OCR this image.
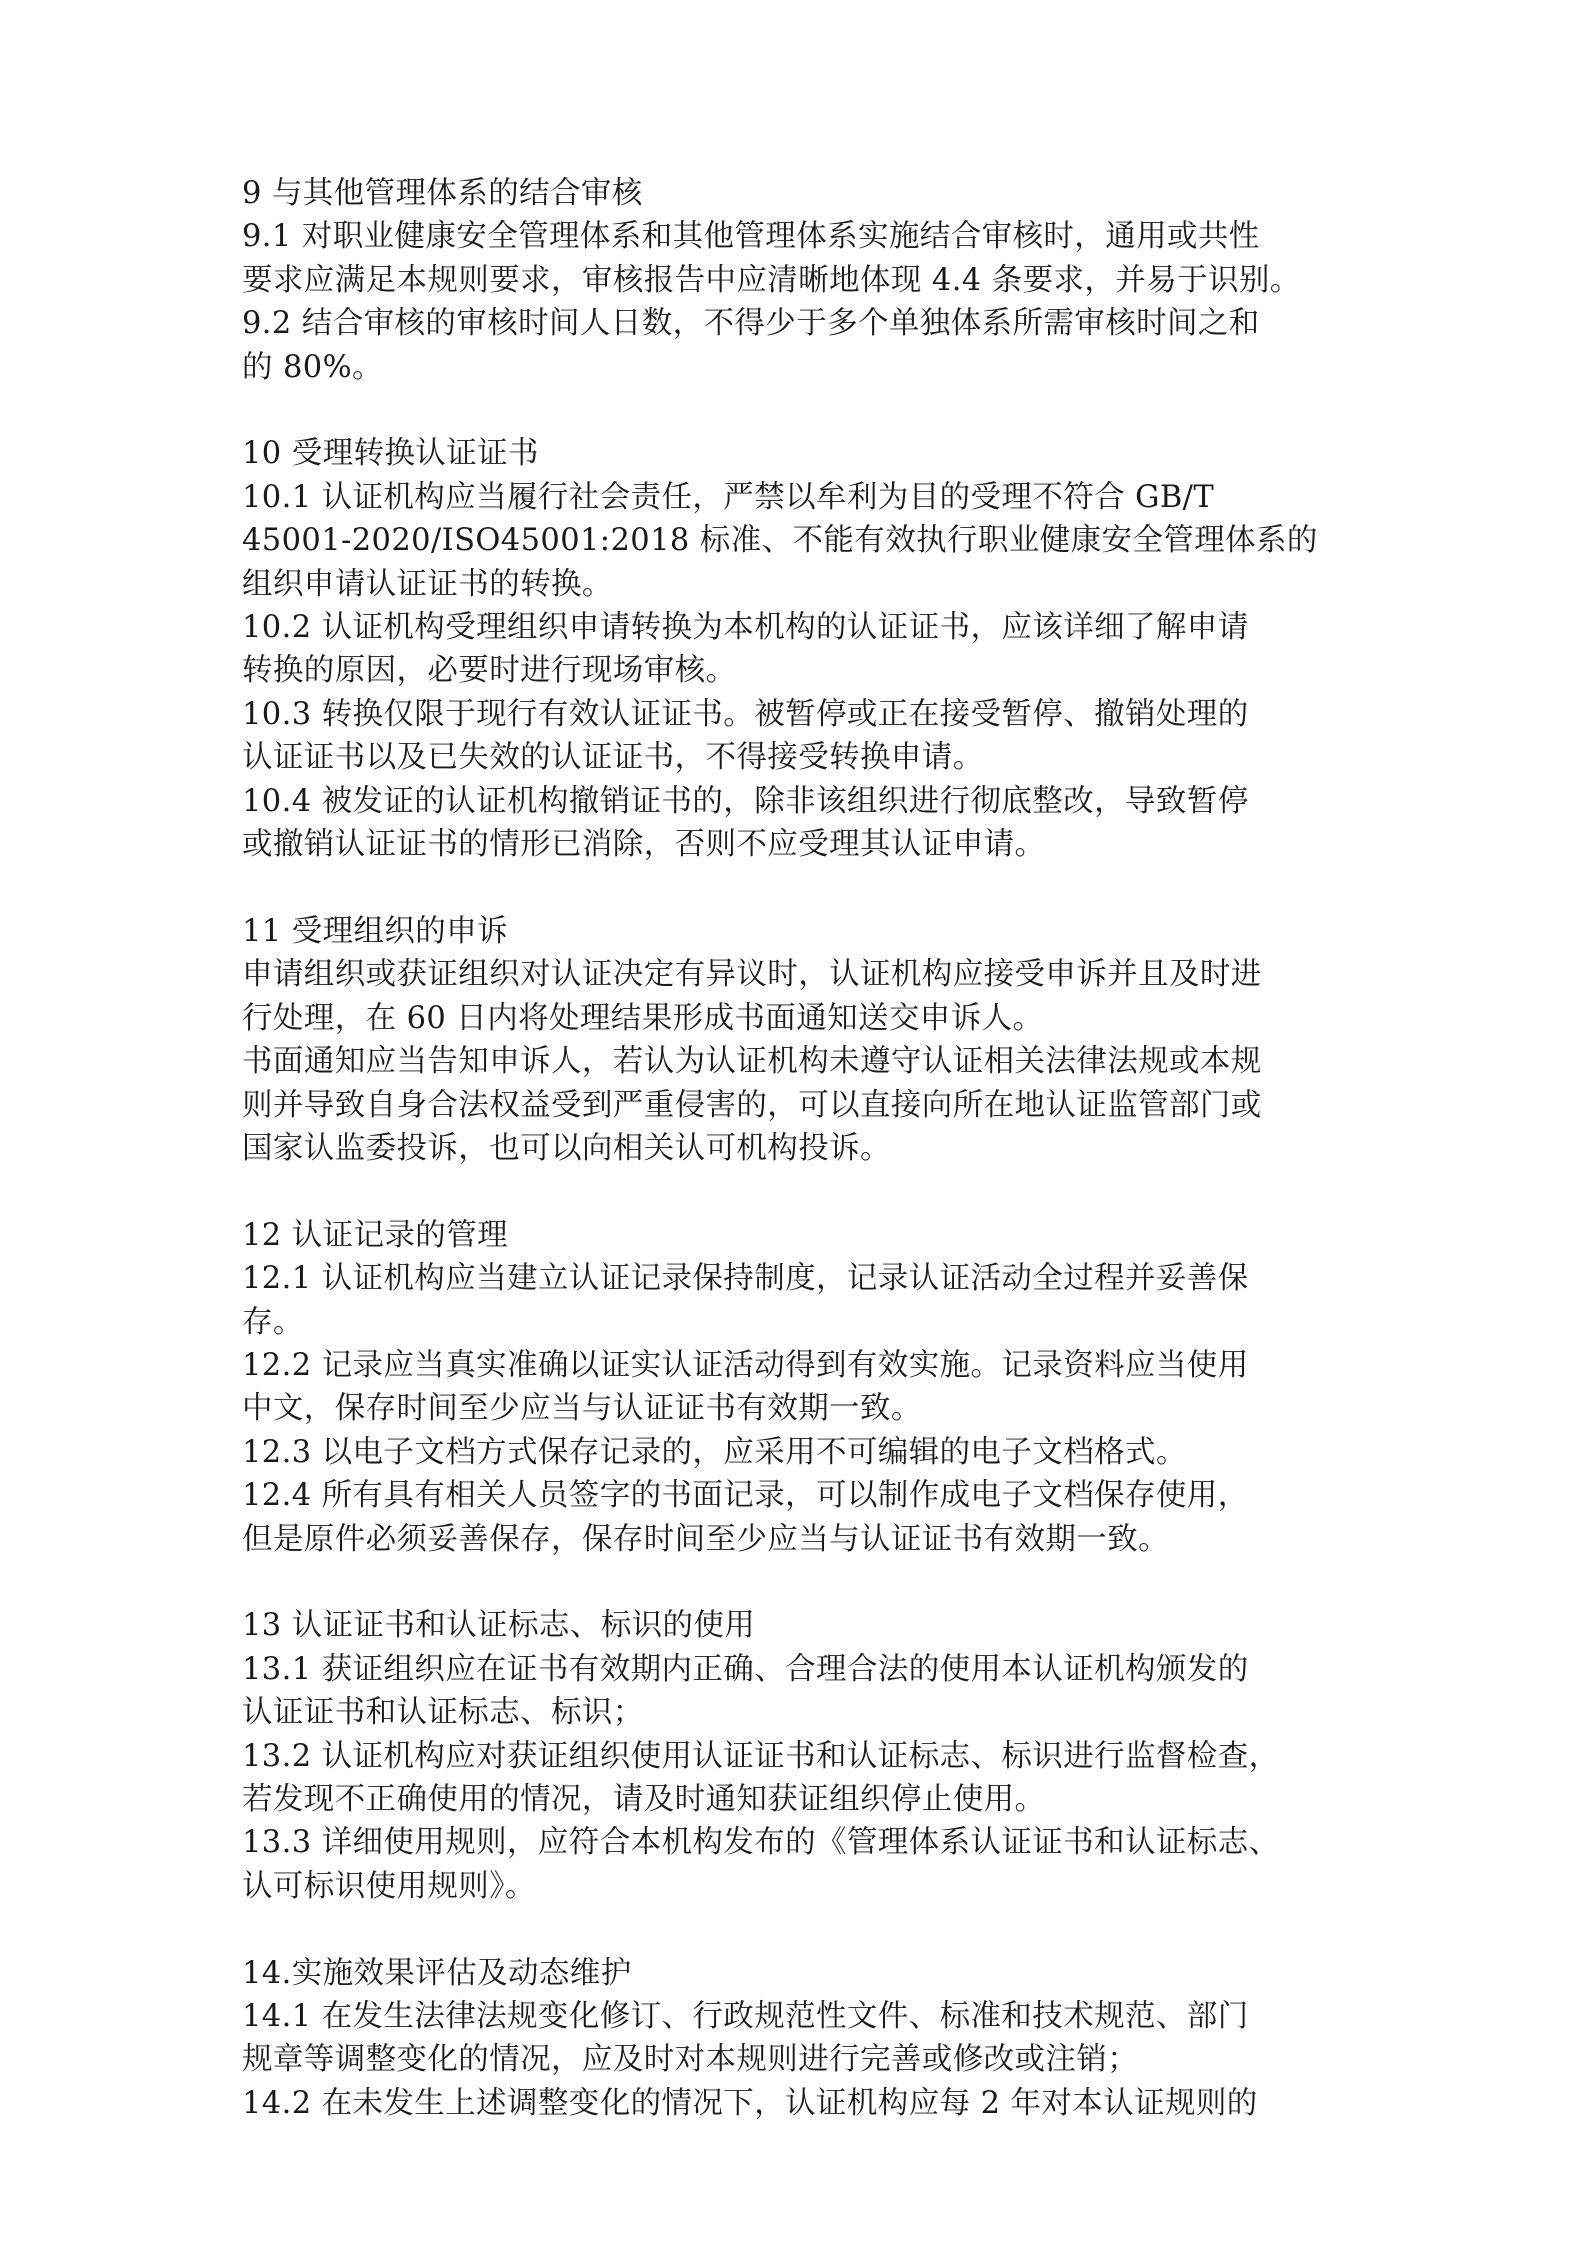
9 与其他管理体系的结合审核
9.1 对职业健康安全管理体系和其他管理体系实施结合审核时，通用或共性
要求应满足本规则要求，审核报告中应清晰地体现 4.4 条要求，并易于识别。
9.2 结合审核的审核时间人日数，不得少于多个单独体系所需审核时间之和
的 80%。
10 受理转换认证证书
10.1 认证机构应当履行社会责任，严禁以牟利为目的受理不符合 GB/T
45001-2020/ISO45001:2018 标准、不能有效执行职业健康安全管理体系的
组织申请认证证书的转换。
10.2 认证机构受理组织申请转换为本机构的认证证书，应该详细了解申请
转换的原因，必要时进行现场审核。
10.3 转换仅限于现行有效认证证书。被暂停或正在接受暂停、撤销处理的
认证证书以及已失效的认证证书，不得接受转换申请。
10.4 被发证的认证机构撤销证书的，除非该组织进行彻底整改，导致暂停
或撤销认证证书的情形已消除，否则不应受理其认证申请。
11 受理组织的申诉
申请组织或获证组织对认证决定有异议时，认证机构应接受申诉并且及时进
行处理，在 60 日内将处理结果形成书面通知送交申诉人。
书面通知应当告知申诉人，若认为认证机构未遵守认证相关法律法规或本规
则并导致自身合法权益受到严重侵害的，可以直接向所在地认证监管部门或
国家认监委投诉，也可以向相关认可机构投诉。
12 认证记录的管理
12.1 认证机构应当建立认证记录保持制度，记录认证活动全过程并妥善保
存。
12.2 记录应当真实准确以证实认证活动得到有效实施。记录资料应当使用
中文，保存时间至少应当与认证证书有效期一致。
12.3 以电子文档方式保存记录的，应采用不可编辑的电子文档格式。
12.4 所有具有相关人员签字的书面记录，可以制作成电子文档保存使用，
但是原件必须妥善保存，保存时间至少应当与认证证书有效期一致。
13 认证证书和认证标志、标识的使用
13.1 获证组织应在证书有效期内正确、合理合法的使用本认证机构颁发的
认证证书和认证标志、标识；
13.2 认证机构应对获证组织使用认证证书和认证标志、标识进行监督检查，
若发现不正确使用的情况，请及时通知获证组织停止使用。
13.3 详细使用规则，应符合本机构发布的《管理体系认证证书和认证标志、
认可标识使用规则》。
14.实施效果评估及动态维护
14.1 在发生法律法规变化修订、行政规范性文件、标准和技术规范、部门
规章等调整变化的情况，应及时对本规则进行完善或修改或注销；
14.2 在未发生上述调整变化的情况下，认证机构应每 2 年对本认证规则的
